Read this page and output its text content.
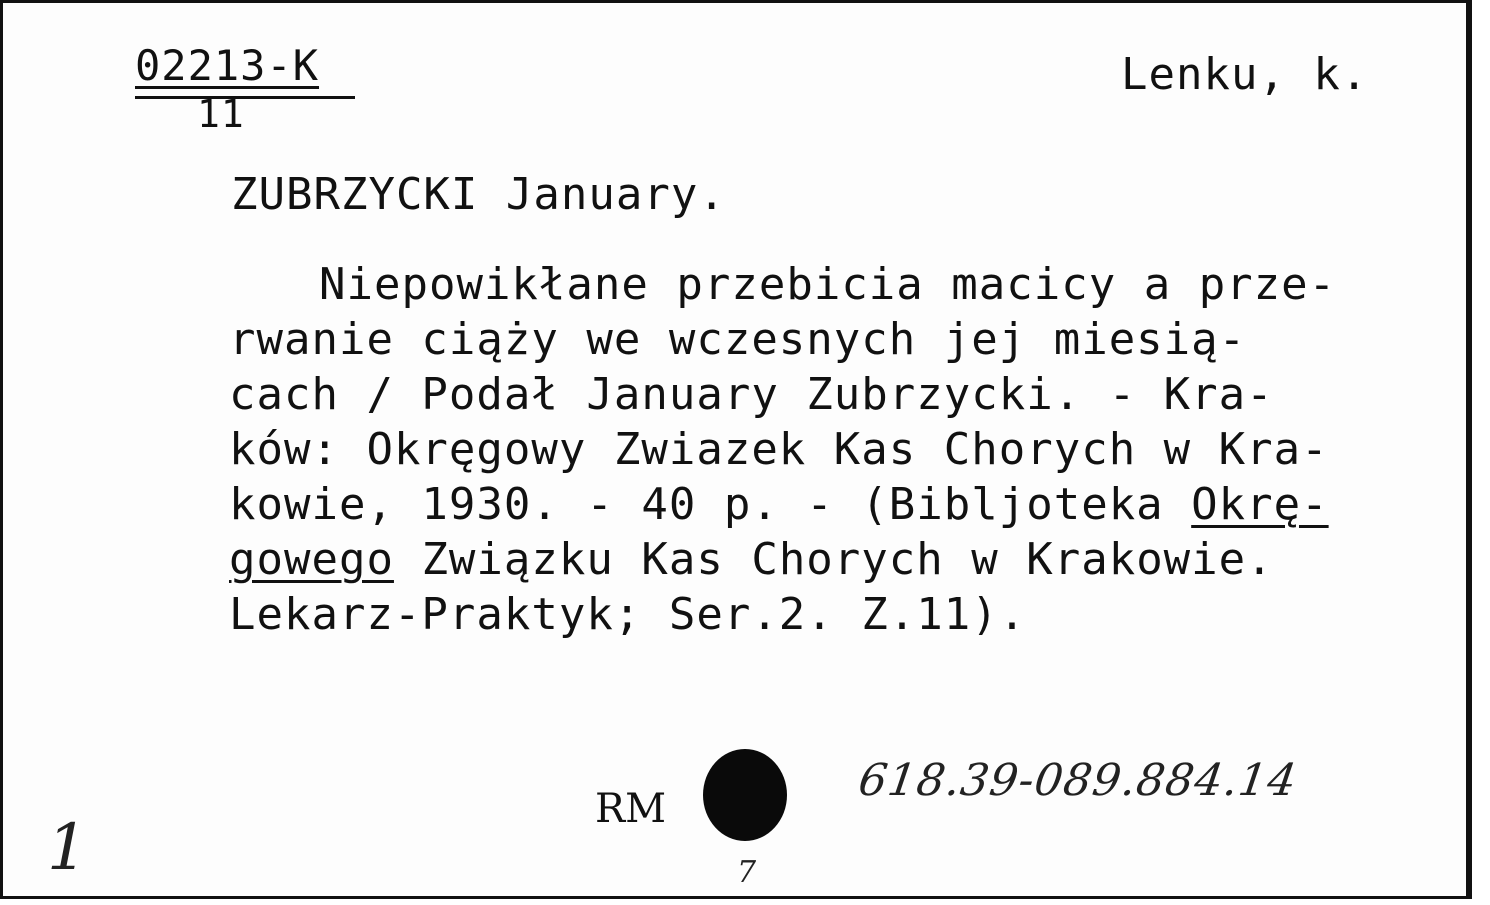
02213-K
11
Lenku, k.
ZUBRZYCKI January.
Niepowikłane przebicia macicy a prze-
rwanie ciąży we wczesnych jej miesią-
cach / Podał January Zubrzycki. - Kra-
ków: Okręgowy Zwiazek Kas Chorych w Kra-
kowie, 1930. - 40 p. - (Bibljoteka Okrę-
gowego Związku Kas Chorych w Krakowie.
Lekarz-Praktyk; Ser.2. Z.11).
RM
618.39-089.884.14
1	7
